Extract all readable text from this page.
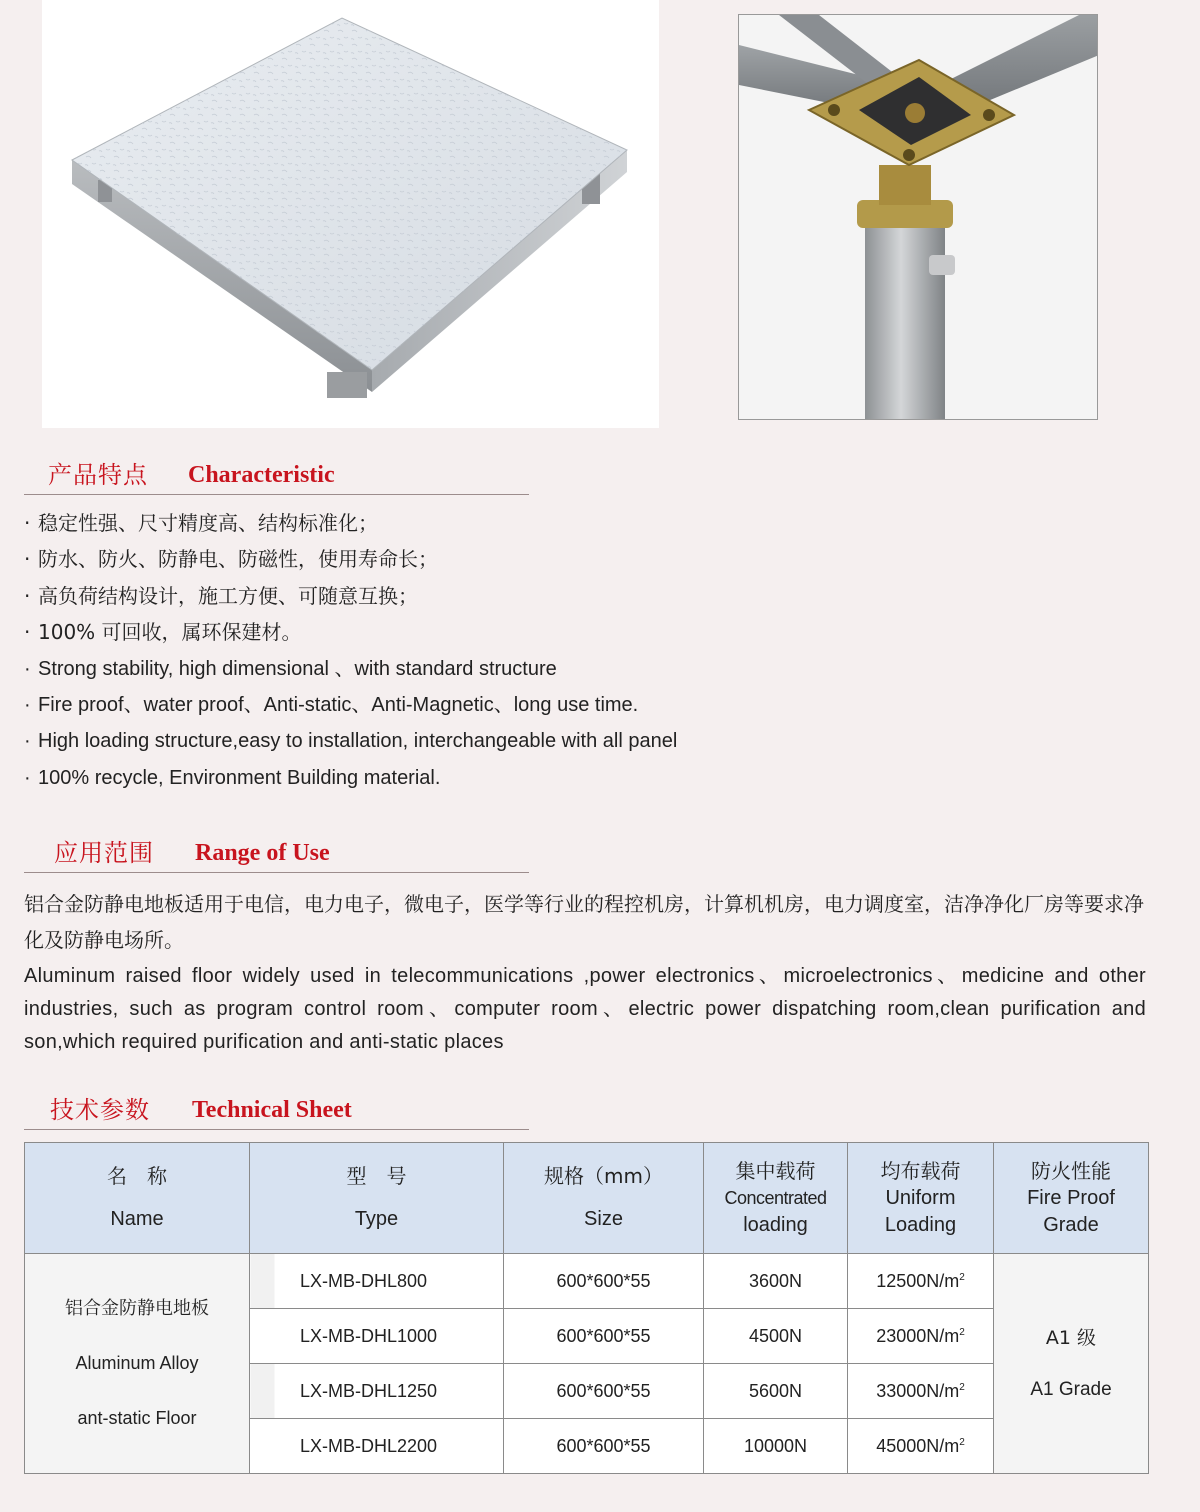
产品特点 Characteristic
· 稳定性强、尺寸精度高、结构标准化；
· 防水、防火、防静电、防磁性，使用寿命长；
· 高负荷结构设计，施工方便、可随意互换；
· 100% 可回收，属环保建材。
· Strong stability, high dimensional 、with standard structure
· Fire proof、water proof、Anti-static、Anti-Magnetic、long use time.
· High loading structure,easy to installation, interchangeable with all panel
· 100% recycle, Environment Building material.
应用范围 Range of Use

铝合金防静电地板适用于电信，电力电子，微电子，医学等行业的程控机房，计算机机房，电力调度室，洁净净化厂房等要求净化及防静电场所。

Aluminum raised floor widely used in telecommunications ,power electronics、microelectronics、medicine and other industries, such as program control room、computer room、electric power dispatching room,clean purification and son,which required purification and anti-static places

技术参数 Technical Sheet
名　称
Name	型　号
Type	规格（mm）
Size	集中载荷
Concentrated
loading	均布载荷
Uniform
Loading	防火性能
Fire Proof
Grade

铝合金防静电地板
Aluminum Alloy
ant-static Floor	LX-MB-DHL800	600*600*55	3600N	$12500N/m^2$	A1 级
A1 Grade

	LX-MB-DHL1000	600*600*55	4500N	$23000N/m^2$
	LX-MB-DHL1250	600*600*55	5600N	$33000N/m^2$
	LX-MB-DHL2200	600*600*55	10000N	$45000N/m^2$
